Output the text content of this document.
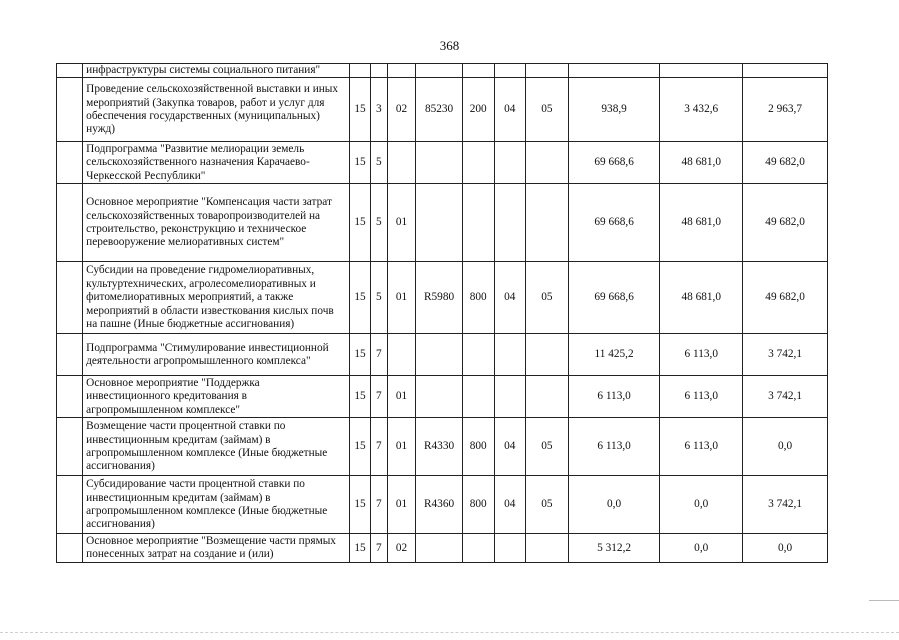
368
	инфраструктуры системы социального питания"										
	Проведение сельскохозяйственной выставки и иных мероприятий (Закупка товаров, работ и услуг для обеспечения государственных (муниципальных) нужд)	15	3	02	85230	200	04	05	938,9	3 432,6	2 963,7
	Подпрограмма "Развитие мелиорации земель сельскохозяйственного назначения Карачаево-Черкесской Республики"	15	5						69 668,6	48 681,0	49 682,0
	Основное мероприятие "Компенсация части затрат сельскохозяйственных товаропроизводителей на строительство, реконструкцию и техническое перевооружение мелиоративных систем"	15	5	01					69 668,6	48 681,0	49 682,0
	Субсидии на проведение гидромелиоративных, культуртехнических, агролесомелиоративных и фитомелиоративных мероприятий, а также мероприятий в области известкования кислых почв на пашне (Иные бюджетные ассигнования)	15	5	01	R5980	800	04	05	69 668,6	48 681,0	49 682,0
	Подпрограмма "Стимулирование инвестиционной деятельности агропромышленного комплекса"	15	7						11 425,2	6 113,0	3 742,1
	Основное мероприятие "Поддержка инвестиционного кредитования в агропромышленном комплексе"	15	7	01					6 113,0	6 113,0	3 742,1
	Возмещение части процентной ставки по инвестиционным кредитам (займам) в агропромышленном комплексе (Иные бюджетные ассигнования)	15	7	01	R4330	800	04	05	6 113,0	6 113,0	0,0
	Субсидирование части процентной ставки по инвестиционным кредитам (займам) в агропромышленном комплексе (Иные бюджетные ассигнования)	15	7	01	R4360	800	04	05	0,0	0,0	3 742,1
	Основное мероприятие "Возмещение части прямых понесенных затрат на создание и (или)	15	7	02					5 312,2	0,0	0,0
